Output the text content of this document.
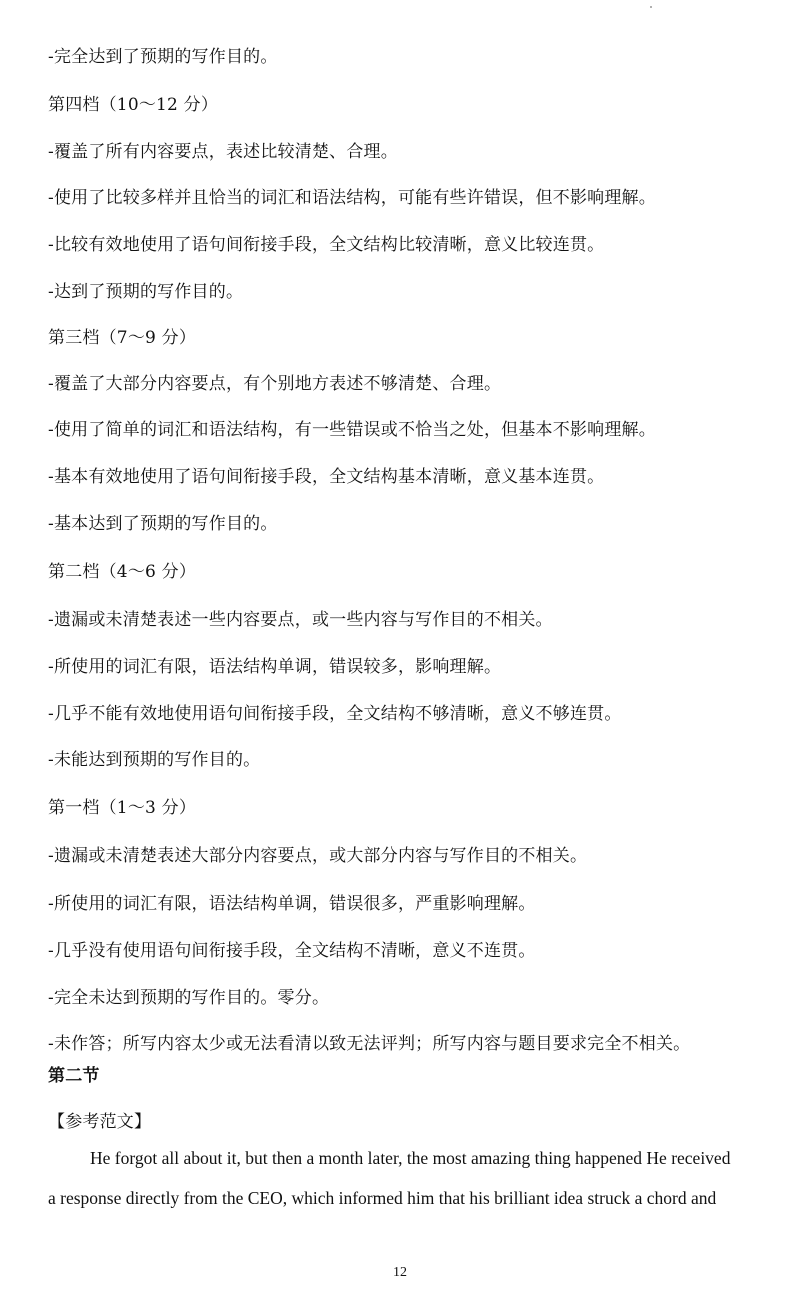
-完全达到了预期的写作目的。
第四档（10～12 分）
-覆盖了所有内容要点，表述比较清楚、合理。
-使用了比较多样并且恰当的词汇和语法结构，可能有些许错误，但不影响理解。
-比较有效地使用了语句间衔接手段，全文结构比较清晰，意义比较连贯。
-达到了预期的写作目的。
第三档（7～9 分）
-覆盖了大部分内容要点，有个别地方表述不够清楚、合理。
-使用了简单的词汇和语法结构，有一些错误或不恰当之处，但基本不影响理解。
-基本有效地使用了语句间衔接手段，全文结构基本清晰，意义基本连贯。
-基本达到了预期的写作目的。
第二档（4～6 分）
-遗漏或未清楚表述一些内容要点，或一些内容与写作目的不相关。
-所使用的词汇有限，语法结构单调，错误较多，影响理解。
-几乎不能有效地使用语句间衔接手段，全文结构不够清晰，意义不够连贯。
-未能达到预期的写作目的。
第一档（1～3 分）
-遗漏或未清楚表述大部分内容要点，或大部分内容与写作目的不相关。
-所使用的词汇有限，语法结构单调，错误很多，严重影响理解。
-几乎没有使用语句间衔接手段，全文结构不清晰，意义不连贯。
-完全未达到预期的写作目的。零分。
-未作答；所写内容太少或无法看清以致无法评判；所写内容与题目要求完全不相关。
第二节
【参考范文】
He forgot all about it, but then a month later, the most amazing thing happened He received
a response directly from the CEO, which informed him that his brilliant idea struck a chord and
12
